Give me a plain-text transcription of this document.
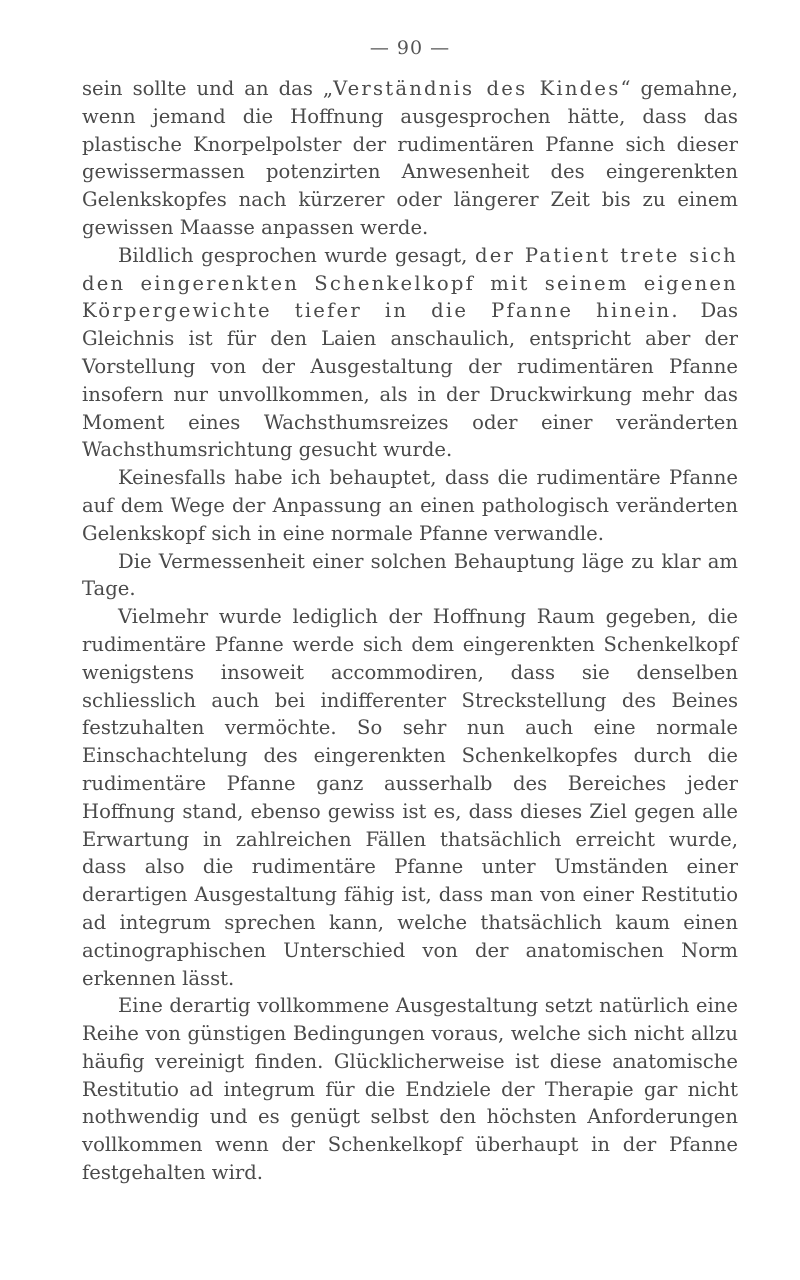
— 90 —

sein sollte und an das „Verständnis des Kindes“ gemahne, wenn jemand die Hoffnung ausgesprochen hätte, dass das plastische Knorpelpolster der rudimentären Pfanne sich dieser gewissermassen potenzirten Anwesenheit des eingerenkten Gelenkskopfes nach kürzerer oder längerer Zeit bis zu einem gewissen Maasse anpassen werde.

Bildlich gesprochen wurde gesagt, der Patient trete sich den eingerenkten Schenkelkopf mit seinem eigenen Körpergewichte tiefer in die Pfanne hinein. Das Gleichnis ist für den Laien anschaulich, entspricht aber der Vorstellung von der Ausgestaltung der rudimentären Pfanne insofern nur unvollkommen, als in der Druckwirkung mehr das Moment eines Wachsthumsreizes oder einer veränderten Wachsthumsrichtung gesucht wurde.

Keinesfalls habe ich behauptet, dass die rudimentäre Pfanne auf dem Wege der Anpassung an einen pathologisch veränderten Gelenkskopf sich in eine normale Pfanne verwandle.

Die Vermessenheit einer solchen Behauptung läge zu klar am Tage.

Vielmehr wurde lediglich der Hoffnung Raum gegeben, die rudimentäre Pfanne werde sich dem eingerenkten Schenkelkopf wenigstens insoweit accommodiren, dass sie denselben schliesslich auch bei indifferenter Streckstellung des Beines festzuhalten vermöchte. So sehr nun auch eine normale Einschachtelung des eingerenkten Schenkelkopfes durch die rudimentäre Pfanne ganz ausserhalb des Bereiches jeder Hoffnung stand, ebenso gewiss ist es, dass dieses Ziel gegen alle Erwartung in zahlreichen Fällen thatsächlich erreicht wurde, dass also die rudimentäre Pfanne unter Umständen einer derartigen Ausgestaltung fähig ist, dass man von einer Restitutio ad integrum sprechen kann, welche thatsächlich kaum einen actinographischen Unterschied von der anatomischen Norm erkennen lässt.

Eine derartig vollkommene Ausgestaltung setzt natürlich eine Reihe von günstigen Bedingungen voraus, welche sich nicht allzu häufig vereinigt finden. Glücklicherweise ist diese anatomische Restitutio ad integrum für die Endziele der Therapie gar nicht nothwendig und es genügt selbst den höchsten Anforderungen vollkommen wenn der Schenkelkopf überhaupt in der Pfanne festgehalten wird.
